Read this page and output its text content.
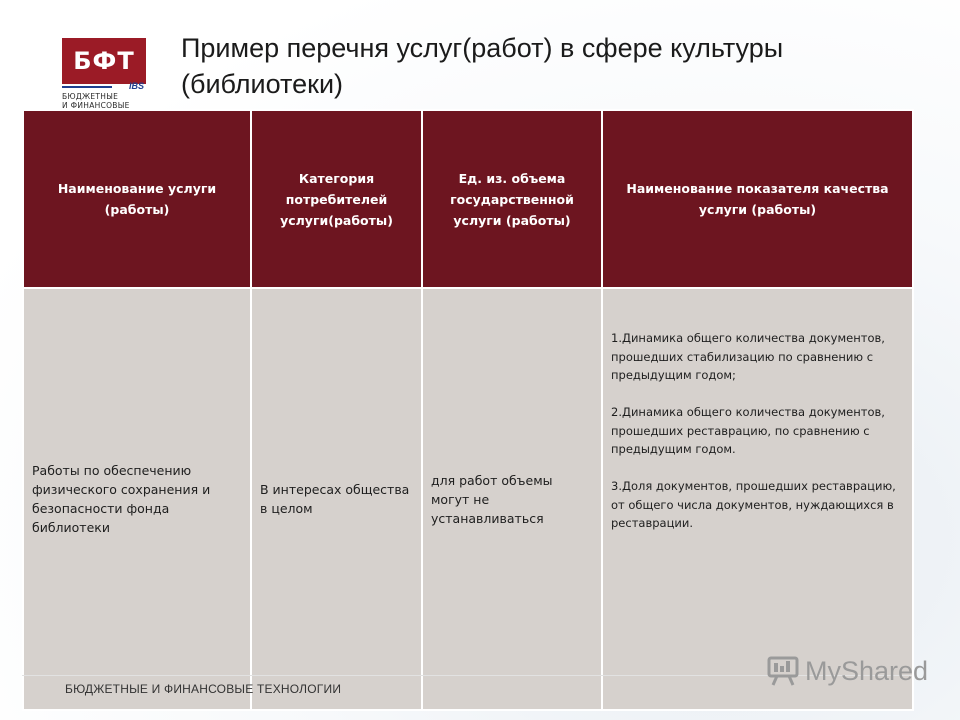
БФТ
IBS
БЮДЖЕТНЫЕ
И ФИНАНСОВЫЕ
Пример перечня услуг(работ) в сфере культуры (библиотеки)
Наименование услуги (работы)	Категория потребителей услуги(работы)	Ед. из. объема государственной услуги (работы)	Наименование показателя качества услуги (работы)
Работы по обеспечению физического сохранения и безопасности фонда библиотеки	В интересах общества в целом	для работ объемы могут не устанавливаться	1.Динамика общего количества документов, прошедших стабилизацию по сравнению с предыдущим годом;

2.Динамика общего количества документов, прошедших реставрацию, по сравнению с предыдущим годом.

3.Доля документов, прошедших реставрацию, от общего числа документов, нуждающихся в реставрации.

БЮДЖЕТНЫЕ И ФИНАНСОВЫЕ ТЕХНОЛОГИИ
MyShared
